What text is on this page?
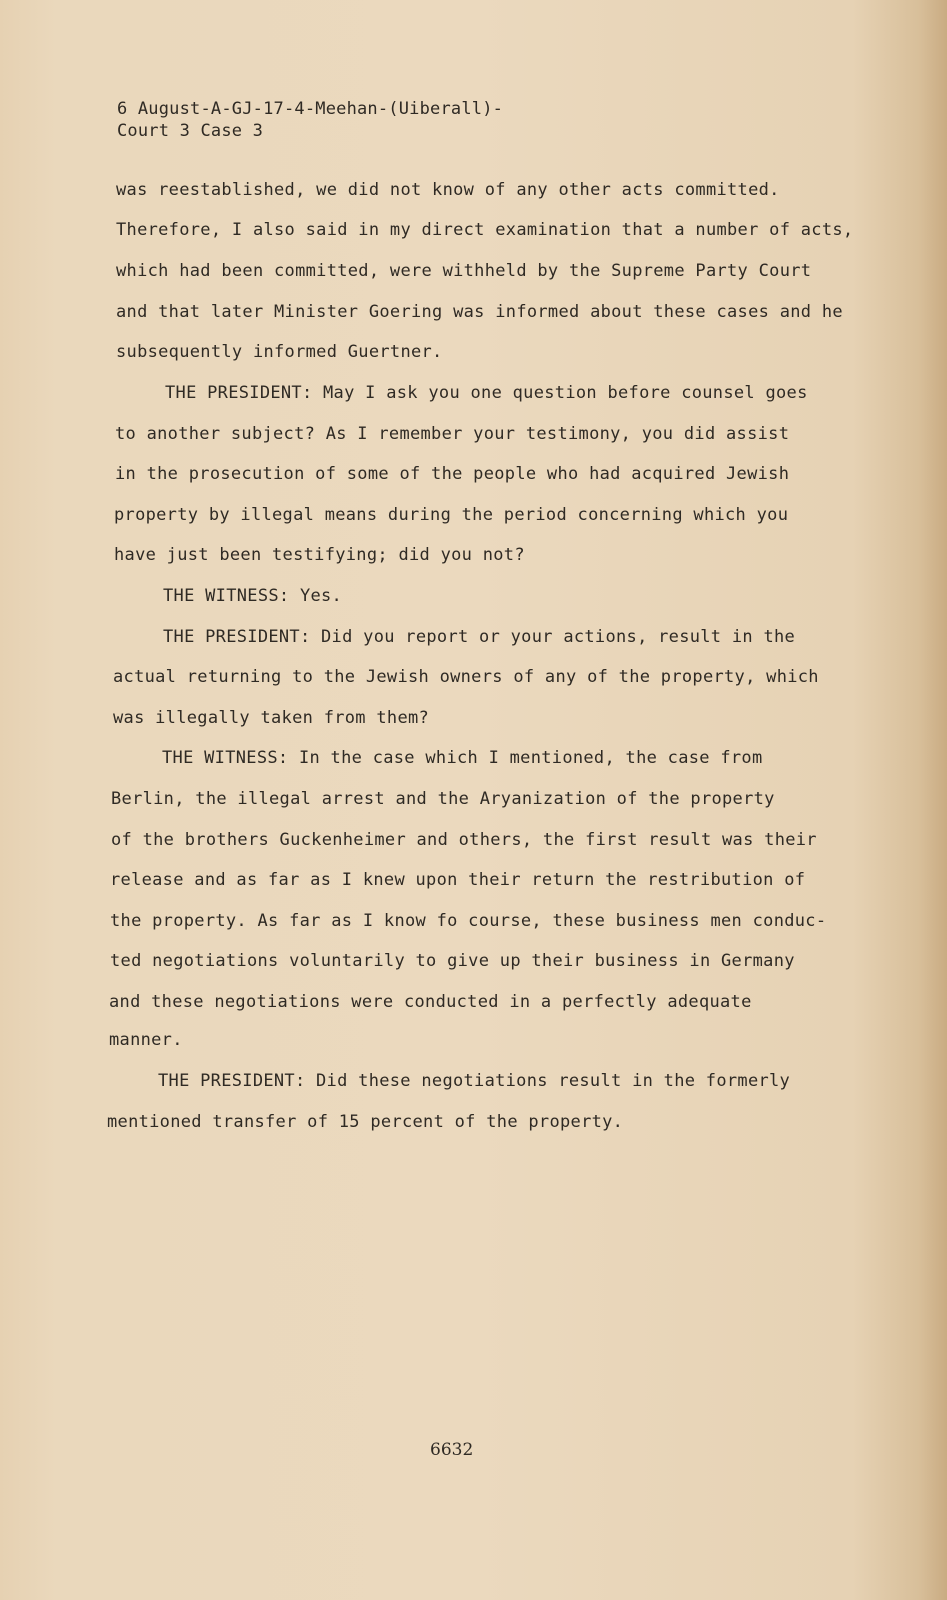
6 August-A-GJ-17-4-Meehan-(Uiberall)-
Court 3 Case 3
was reestablished, we did not know of any other acts committed.
Therefore, I also said in my direct examination that a number of acts,
which had been committed, were withheld by the Supreme Party Court
and that later Minister Goering was informed about these cases and he
subsequently informed Guertner.
THE PRESIDENT: May I ask you one question before counsel goes
to another subject? As I remember your testimony, you did assist
in the prosecution of some of the people who had acquired Jewish
property by illegal means during the period concerning which you
have just been testifying; did you not?
THE WITNESS: Yes.
THE PRESIDENT: Did you report or your actions, result in the
actual returning to the Jewish owners of any of the property, which
was illegally taken from them?
THE WITNESS: In the case which I mentioned, the case from
Berlin, the illegal arrest and the Aryanization of the property
of the brothers Guckenheimer and others, the first result was their
release and as far as I knew upon their return the restribution of
the property. As far as I know fo course, these business men conduc-
ted negotiations voluntarily to give up their business in Germany
and these negotiations were conducted in a perfectly adequate
manner.
THE PRESIDENT: Did these negotiations result in the formerly
mentioned transfer of 15 percent of the property.
6632
